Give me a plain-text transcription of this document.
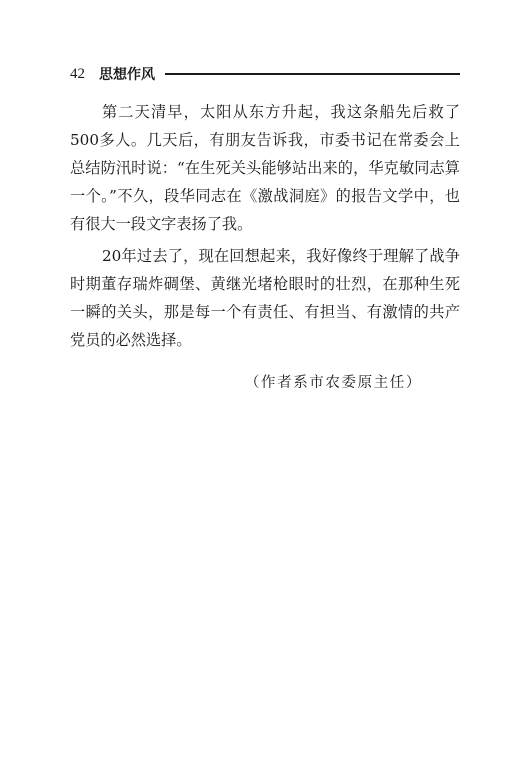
42 思想作风

第二天清早，太阳从东方升起，我这条船先后救了500多人。几天后，有朋友告诉我，市委书记在常委会上总结防汛时说：“在生死关头能够站出来的，华克敏同志算一个。”不久，段华同志在《激战洞庭》的报告文学中，也有很大一段文字表扬了我。

20年过去了，现在回想起来，我好像终于理解了战争时期董存瑞炸碉堡、黄继光堵枪眼时的壮烈，在那种生死一瞬的关头，那是每一个有责任、有担当、有激情的共产党员的必然选择。

（作者系市农委原主任）
